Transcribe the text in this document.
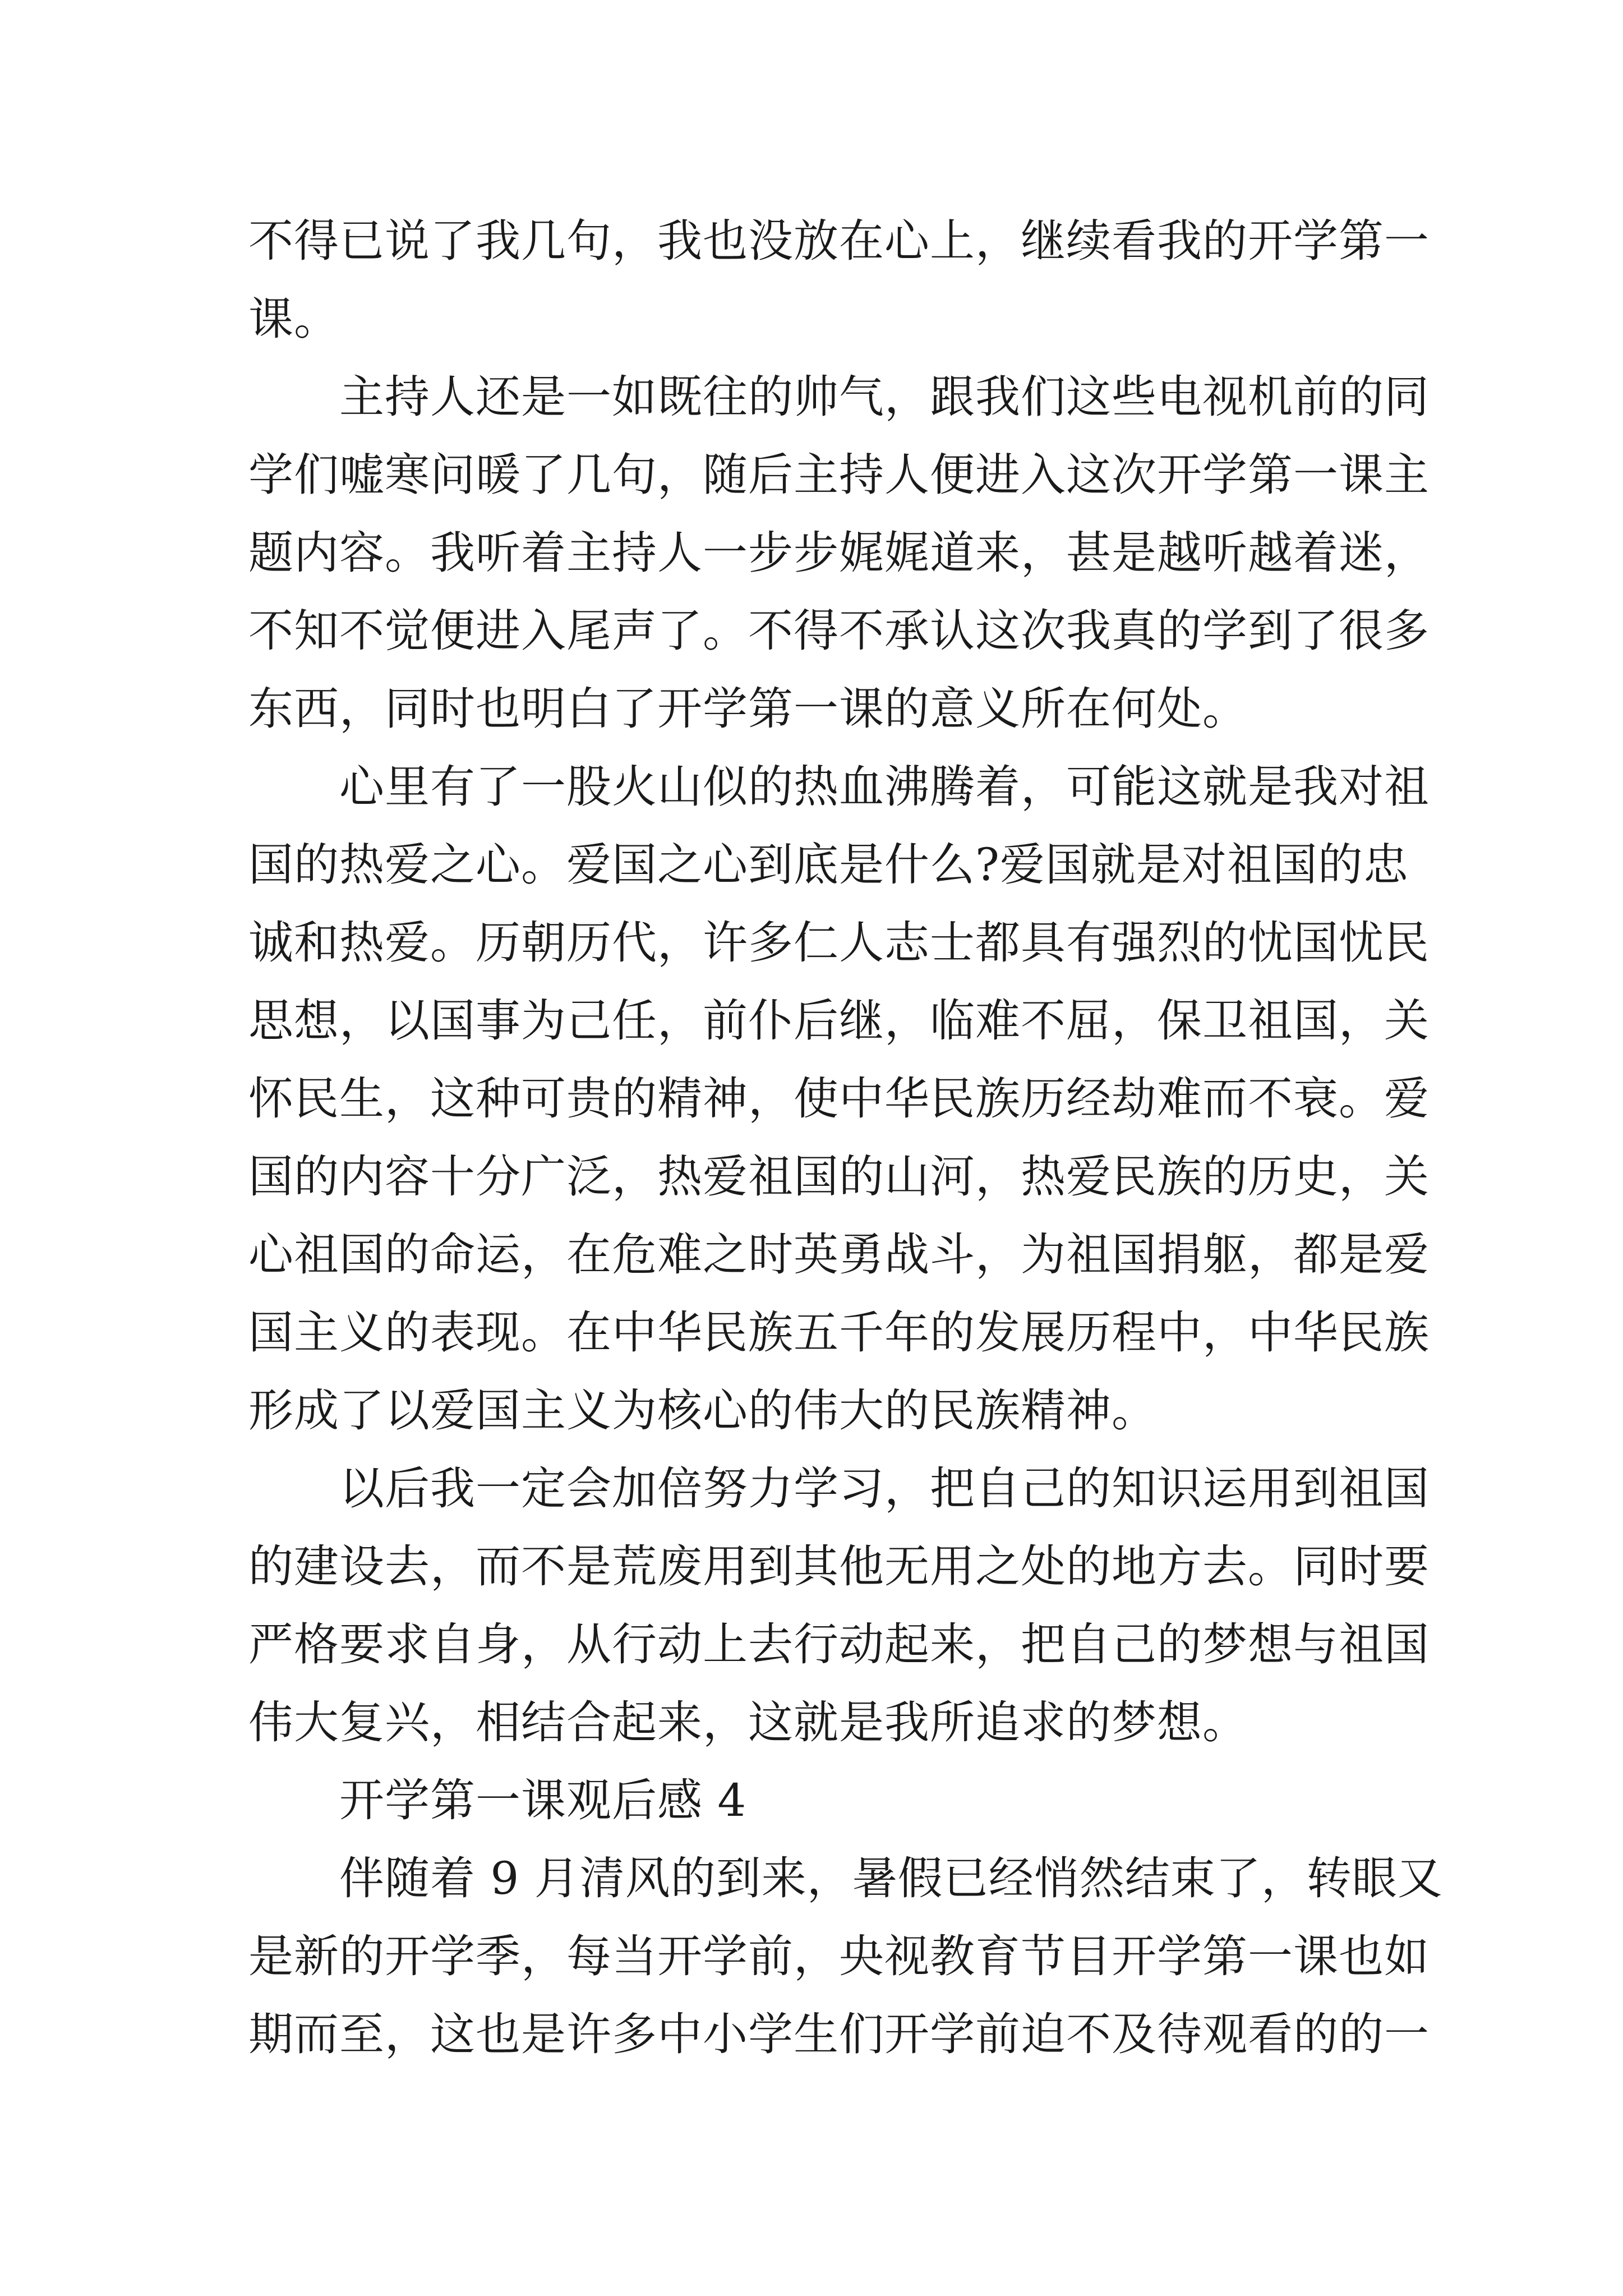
不得已说了我几句，我也没放在心上，继续看我的开学第一
课。
主持人还是一如既往的帅气，跟我们这些电视机前的同
学们嘘寒问暖了几句，随后主持人便进入这次开学第一课主
题内容。我听着主持人一步步娓娓道来，甚是越听越着迷，
不知不觉便进入尾声了。不得不承认这次我真的学到了很多
东西，同时也明白了开学第一课的意义所在何处。
心里有了一股火山似的热血沸腾着，可能这就是我对祖
国的热爱之心。爱国之心到底是什么?爱国就是对祖国的忠
诚和热爱。历朝历代，许多仁人志士都具有强烈的忧国忧民
思想，以国事为己任，前仆后继，临难不屈，保卫祖国，关
怀民生，这种可贵的精神，使中华民族历经劫难而不衰。爱
国的内容十分广泛，热爱祖国的山河，热爱民族的历史，关
心祖国的命运，在危难之时英勇战斗，为祖国捐躯，都是爱
国主义的表现。在中华民族五千年的发展历程中，中华民族
形成了以爱国主义为核心的伟大的民族精神。
以后我一定会加倍努力学习，把自己的知识运用到祖国
的建设去，而不是荒废用到其他无用之处的地方去。同时要
严格要求自身，从行动上去行动起来，把自己的梦想与祖国
伟大复兴，相结合起来，这就是我所追求的梦想。
开学第一课观后感 4
伴随着 9 月清风的到来，暑假已经悄然结束了，转眼又
是新的开学季，每当开学前，央视教育节目开学第一课也如
期而至，这也是许多中小学生们开学前迫不及待观看的的一
